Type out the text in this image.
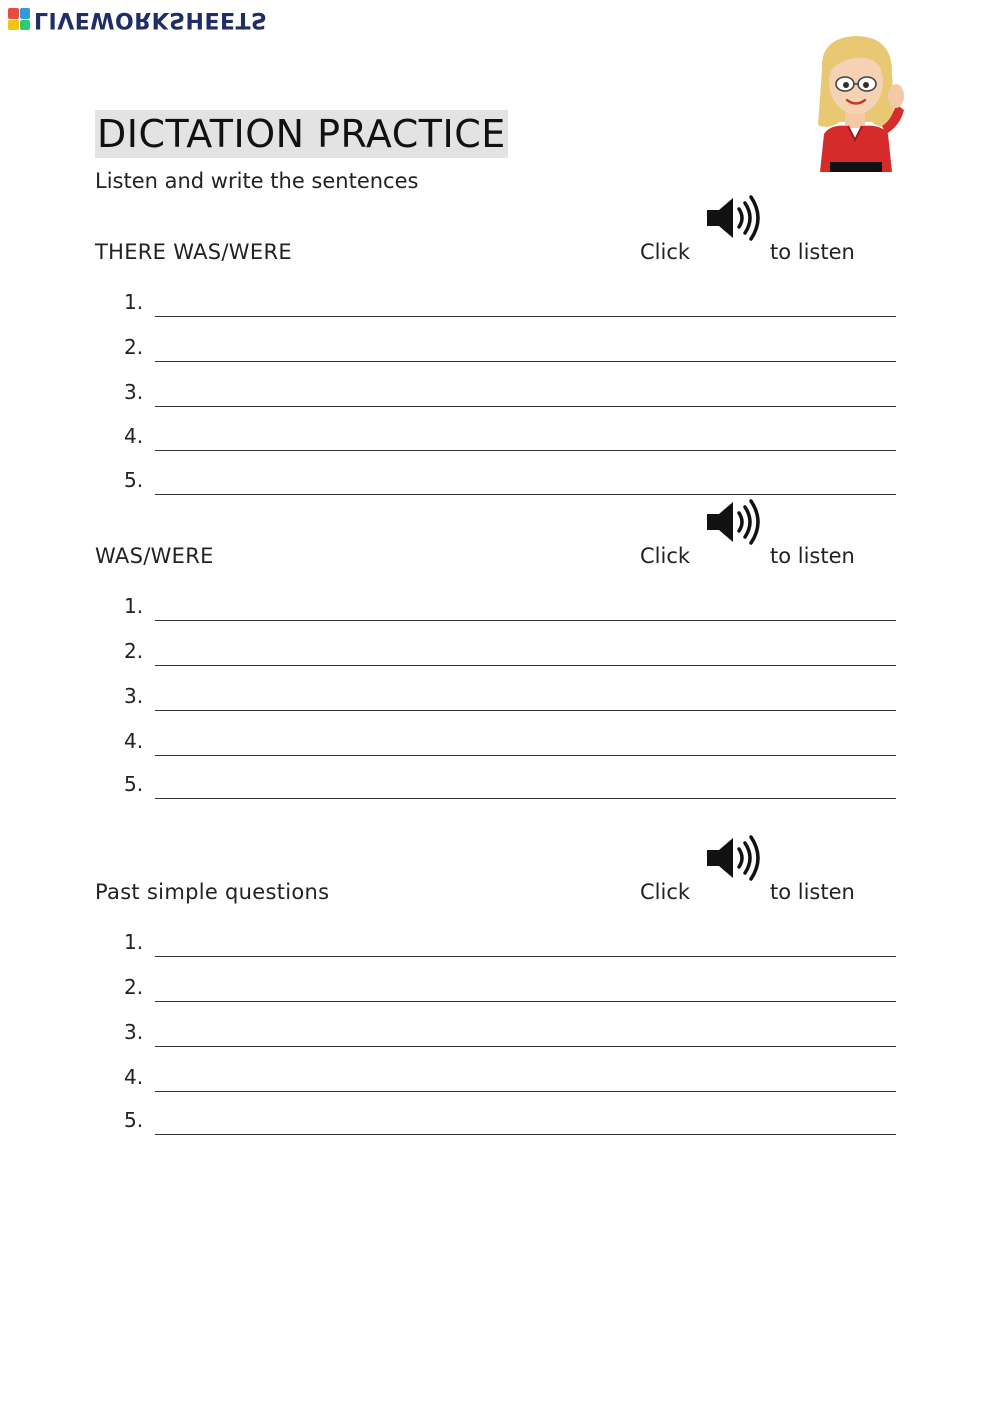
LIVEWORKSHEETS
DICTATION PRACTICE
Listen and write the sentences
THERE WAS/WERE	Click	to listen
1.
2.
3.
4.
5.
WAS/WERE	Click	to listen
1.
2.
3.
4.
5.
Past simple questions	Click	to listen
1.
2.
3.
4.
5.
